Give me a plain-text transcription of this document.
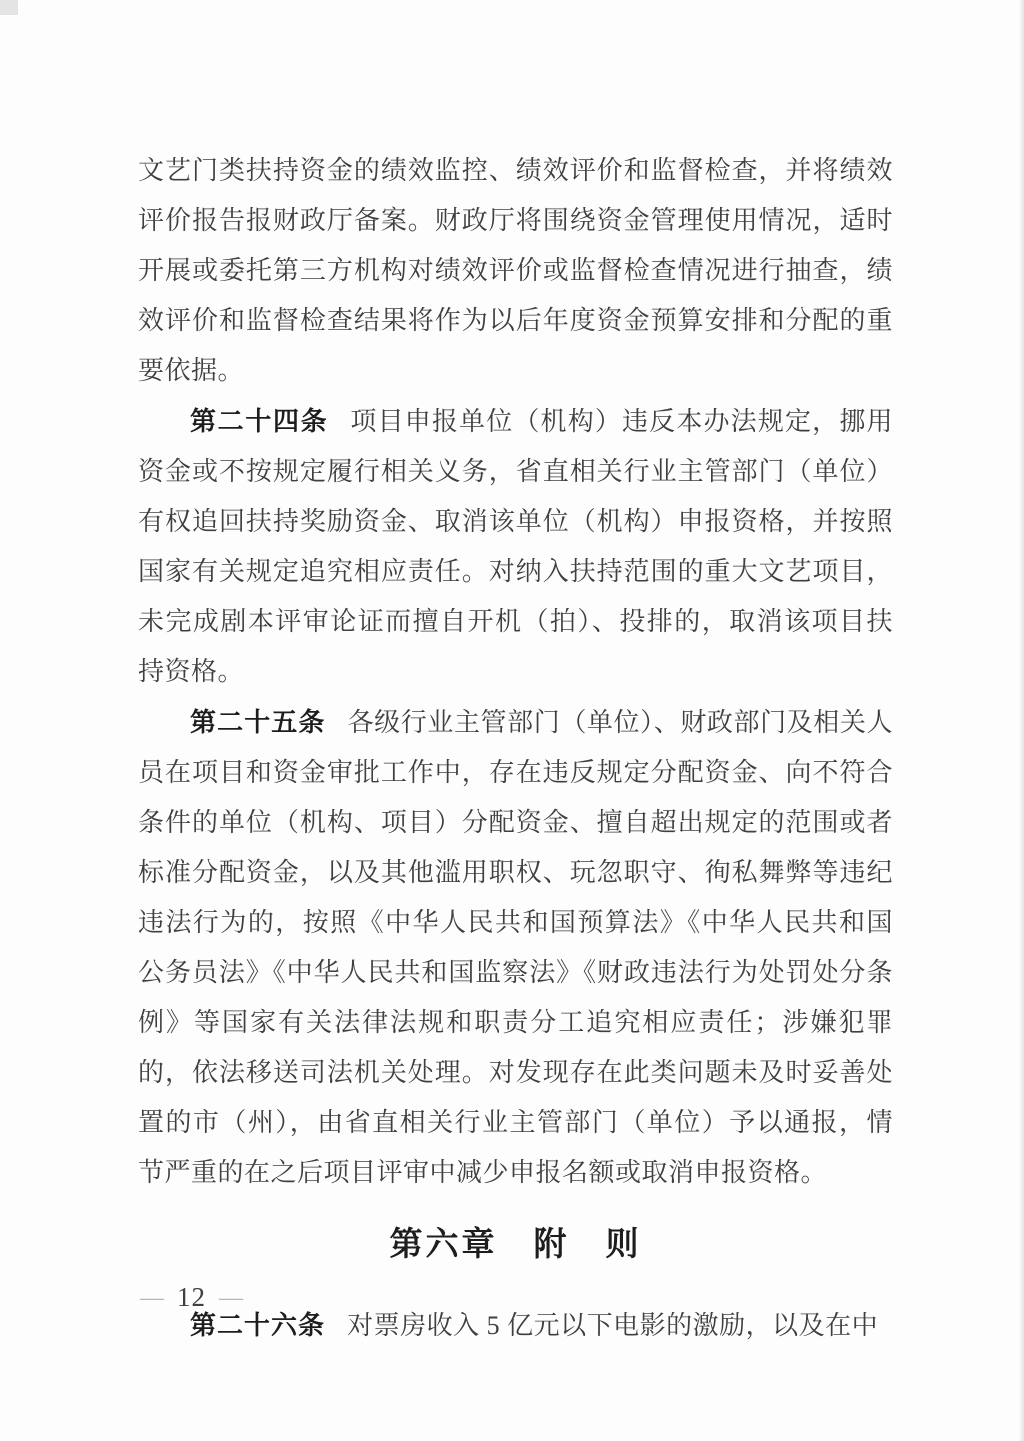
文艺门类扶持资金的绩效监控、绩效评价和监督检查，并将绩效评价报告报财政厅备案。财政厅将围绕资金管理使用情况，适时开展或委托第三方机构对绩效评价或监督检查情况进行抽查，绩效评价和监督检查结果将作为以后年度资金预算安排和分配的重要依据。

第二十四条 项目申报单位（机构）违反本办法规定，挪用资金或不按规定履行相关义务，省直相关行业主管部门（单位）有权追回扶持奖励资金、取消该单位（机构）申报资格，并按照国家有关规定追究相应责任。对纳入扶持范围的重大文艺项目，未完成剧本评审论证而擅自开机（拍）、投排的，取消该项目扶持资格。

第二十五条 各级行业主管部门（单位）、财政部门及相关人员在项目和资金审批工作中，存在违反规定分配资金、向不符合条件的单位（机构、项目）分配资金、擅自超出规定的范围或者标准分配资金，以及其他滥用职权、玩忽职守、徇私舞弊等违纪违法行为的，按照《中华人民共和国预算法》《中华人民共和国公务员法》《中华人民共和国监察法》《财政违法行为处罚处分条例》等国家有关法律法规和职责分工追究相应责任；涉嫌犯罪的，依法移送司法机关处理。对发现存在此类问题未及时妥善处置的市（州），由省直相关行业主管部门（单位）予以通报，情节严重的在之后项目评审中减少申报名额或取消申报资格。

第六章　附　则

第二十六条 对票房收入 5 亿元以下电影的激励，以及在中

— 12 —
